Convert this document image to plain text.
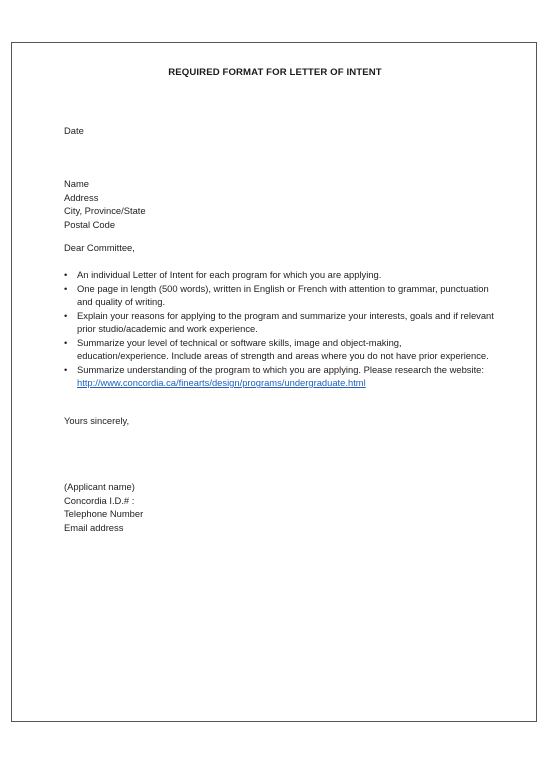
REQUIRED FORMAT FOR LETTER OF INTENT
Date
Name
Address
City, Province/State
Postal Code
Dear Committee,
• An individual Letter of Intent for each program for which you are applying.
• One page in length (500 words), written in English or French with attention to grammar, punctuation and quality of writing.
• Explain your reasons for applying to the program and summarize your interests, goals and if relevant prior studio/academic and work experience.
• Summarize your level of technical or software skills, image and object-making, education/experience. Include areas of strength and areas where you do not have prior experience.
• Summarize understanding of the program to which you are applying. Please research the website: http://www.concordia.ca/finearts/design/programs/undergraduate.html
Yours sincerely,
(Applicant name)
Concordia I.D.# :
Telephone Number
Email address
